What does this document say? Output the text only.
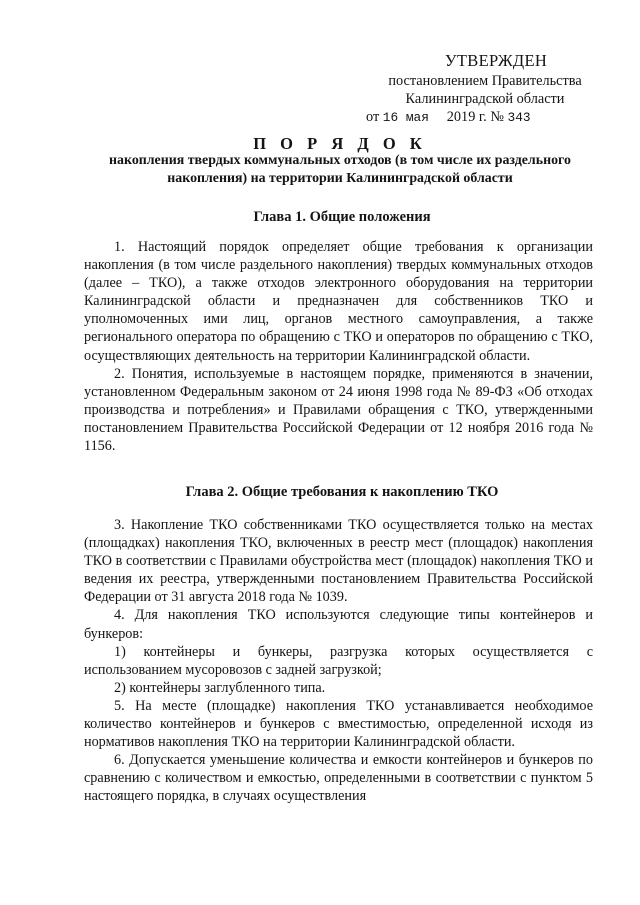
УТВЕРЖДЕН
постановлением Правительства
Калининградской области
от 16 мая 2019 г. № 343
П О Р Я Д О К
накопления твердых коммунальных отходов (в том числе их раздельного накопления) на территории Калининградской области
Глава 1. Общие положения

1. Настоящий порядок определяет общие требования к организации накопления (в том числе раздельного накопления) твердых коммунальных отходов (далее – ТКО), а также отходов электронного оборудования на территории Калининградской области и предназначен для собственников ТКО и уполномоченных ими лиц, органов местного самоуправления, а также регионального оператора по обращению с ТКО и операторов по обращению с ТКО, осуществляющих деятельность на территории Калининградской области.

2. Понятия, используемые в настоящем порядке, применяются в значении, установленном Федеральным законом от 24 июня 1998 года № 89-ФЗ «Об отходах производства и потребления» и Правилами обращения с ТКО, утвержденными постановлением Правительства Российской Федерации от 12 ноября 2016 года № 1156.

Глава 2. Общие требования к накоплению ТКО

3. Накопление ТКО собственниками ТКО осуществляется только на местах (площадках) накопления ТКО, включенных в реестр мест (площадок) накопления ТКО в соответствии с Правилами обустройства мест (площадок) накопления ТКО и ведения их реестра, утвержденными постановлением Правительства Российской Федерации от 31 августа 2018 года № 1039.

4. Для накопления ТКО используются следующие типы контейнеров и бункеров:

1) контейнеры и бункеры, разгрузка которых осуществляется с использованием мусоровозов с задней загрузкой;

2) контейнеры заглубленного типа.

5. На месте (площадке) накопления ТКО устанавливается необходимое количество контейнеров и бункеров с вместимостью, определенной исходя из нормативов накопления ТКО на территории Калининградской области.

6. Допускается уменьшение количества и емкости контейнеров и бункеров по сравнению с количеством и емкостью, определенными в соответствии с пунктом 5 настоящего порядка, в случаях осуществления
